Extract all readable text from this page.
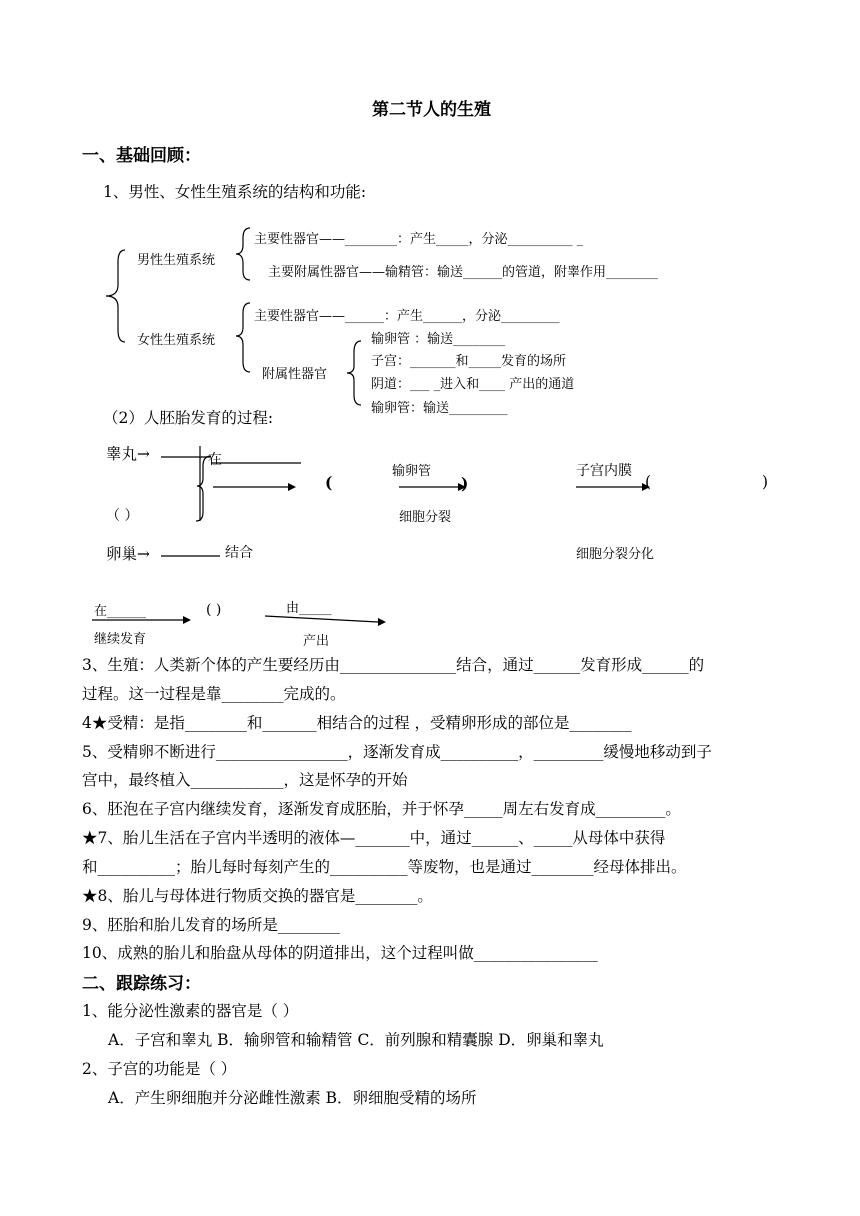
第二节人的生殖
一、基础回顾：
1、男性、女性生殖系统的结构和功能:
男性生殖系统
主要性器官——________：产生_____，分泌__________ _
主要附属性器官——输精管：输送______的管道，附睾作用________
女性生殖系统
主要性器官——______：产生______，分泌_________
附属性器官
输卵管 ：输送________
子宫：_______和_____发育的场所
阴道：___ _进入和____ 产出的通道
输卵管：输送_________
（2）人胚胎发育的过程:
睾丸→	在
（ ）
卵巢→	结合
(
输卵管
)
细胞分裂
子宫内膜
(	)
细胞分裂分化
在______
继续发育
( )	由_____
产出
3、生殖：人类新个体的产生要经历由_______________结合，通过______发育形成______的
过程。这一过程是靠________完成的。
4★受精：是指________和_______相结合的过程 ，受精卵形成的部位是________
5、受精卵不断进行_________________，逐渐发育成__________，_________缓慢地移动到子
宫中，最终植入____________，这是怀孕的开始
6、胚泡在子宫内继续发育，逐渐发育成胚胎，并于怀孕_____周左右发育成_________。
★7、胎儿生活在子宫内半透明的液体—_______中，通过______、_____从母体中获得
和__________；胎儿每时每刻产生的__________等废物，也是通过________经母体排出。
★8、胎儿与母体进行物质交换的器官是________。
9、胚胎和胎儿发育的场所是________
10、成熟的胎儿和胎盘从母体的阴道排出，这个过程叫做________________
二、跟踪练习：
1、能分泌性激素的器官是（ ）
A．子宫和睾丸 B．输卵管和输精管 C．前列腺和精囊腺 D．卵巢和睾丸
2、子宫的功能是（ ）
A．产生卵细胞并分泌雌性激素 B．卵细胞受精的场所
